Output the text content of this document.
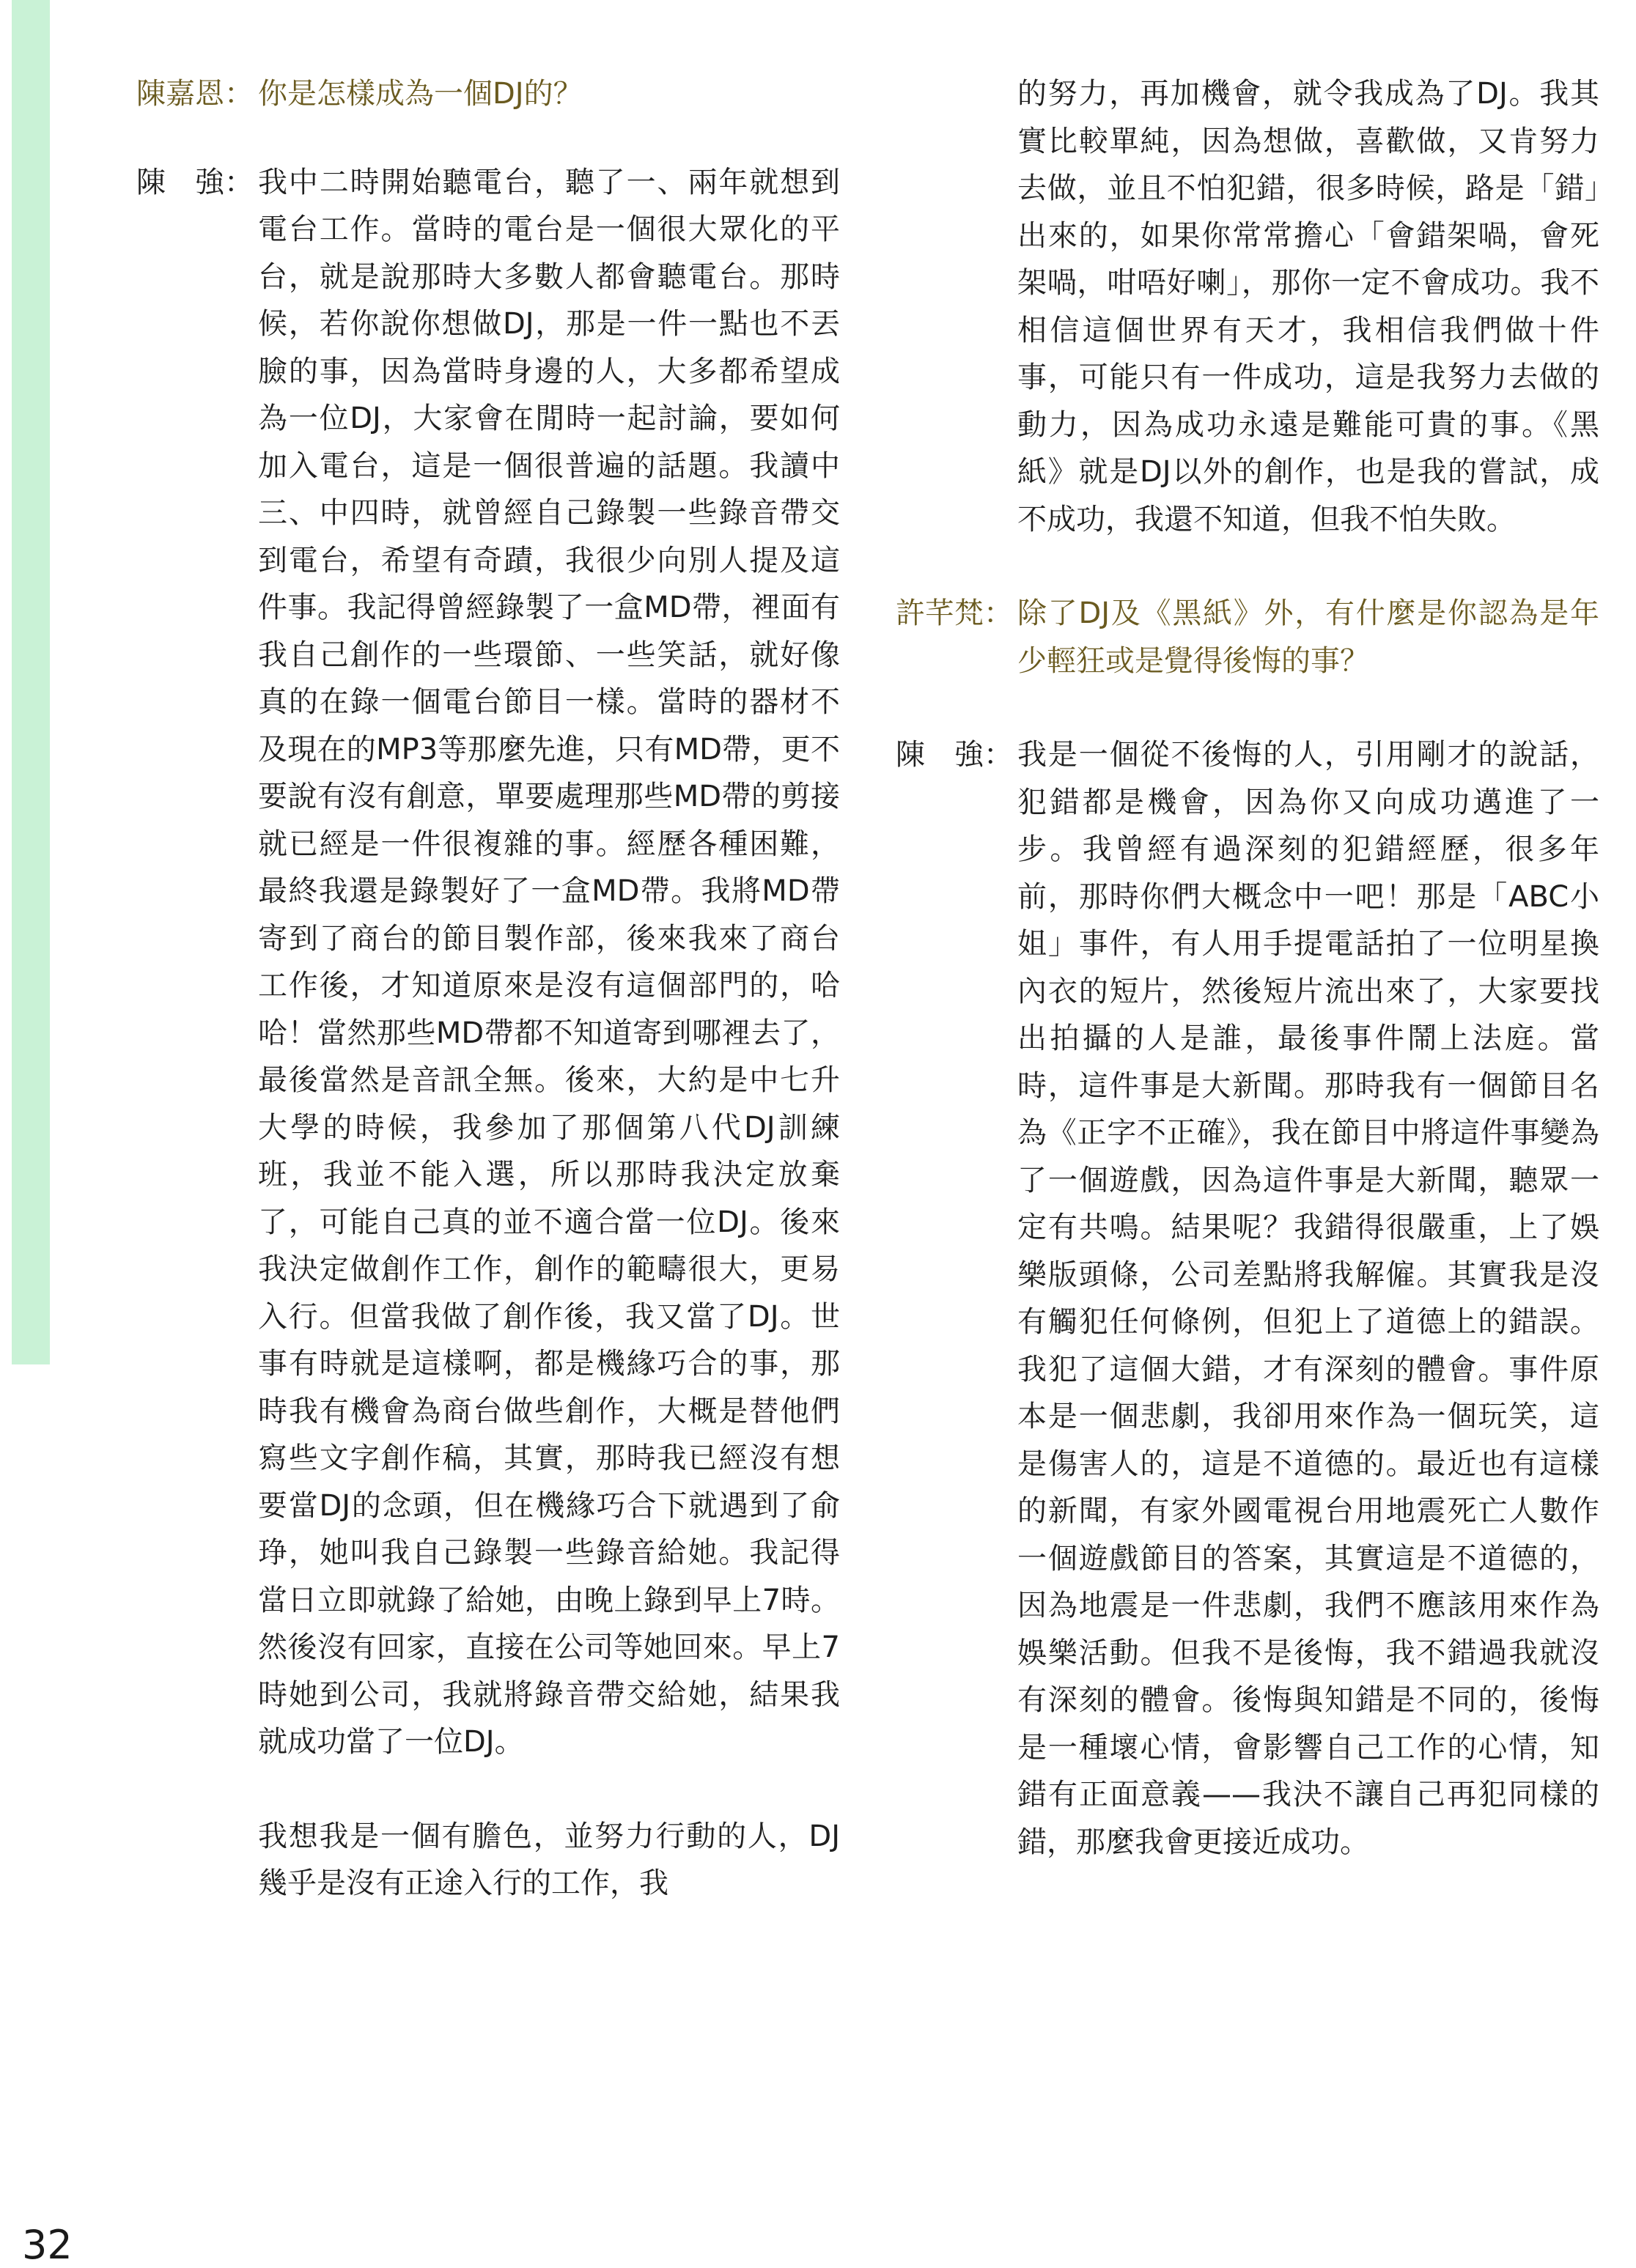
陳嘉恩： 你是怎樣成為一個DJ的？
陳　強： 我中二時開始聽電台，聽了一、兩年就想到電台工作。當時的電台是一個很大眾化的平台，就是說那時大多數人都會聽電台。那時候，若你說你想做DJ，那是一件一點也不丟臉的事，因為當時身邊的人，大多都希望成為一位DJ，大家會在閒時一起討論，要如何加入電台，這是一個很普遍的話題。我讀中三、中四時，就曾經自己錄製一些錄音帶交到電台，希望有奇蹟，我很少向別人提及這件事。我記得曾經錄製了一盒MD帶，裡面有我自己創作的一些環節、一些笑話，就好像真的在錄一個電台節目一樣。當時的器材不及現在的MP3等那麼先進，只有MD帶，更不要說有沒有創意，單要處理那些MD帶的剪接就已經是一件很複雜的事。經歷各種困難，最終我還是錄製好了一盒MD帶。我將MD帶寄到了商台的節目製作部，後來我來了商台工作後，才知道原來是沒有這個部門的，哈哈！當然那些MD帶都不知道寄到哪裡去了，最後當然是音訊全無。後來，大約是中七升大學的時候，我參加了那個第八代DJ訓練班，我並不能入選，所以那時我決定放棄了，可能自己真的並不適合當一位DJ。後來我決定做創作工作，創作的範疇很大，更易入行。但當我做了創作後，我又當了DJ。世事有時就是這樣啊，都是機緣巧合的事，那時我有機會為商台做些創作，大概是替他們寫些文字創作稿，其實，那時我已經沒有想要當DJ的念頭，但在機緣巧合下就遇到了俞琤，她叫我自己錄製一些錄音給她。我記得當日立即就錄了給她，由晚上錄到早上7時。然後沒有回家，直接在公司等她回來。早上7時她到公司，我就將錄音帶交給她，結果我就成功當了一位DJ。
我想我是一個有膽色，並努力行動的人，DJ幾乎是沒有正途入行的工作，我
的努力，再加機會，就令我成為了DJ。我其實比較單純，因為想做，喜歡做，又肯努力去做，並且不怕犯錯，很多時候，路是「錯」出來的，如果你常常擔心「會錯架喎，會死架喎，咁唔好喇」，那你一定不會成功。我不相信這個世界有天才，我相信我們做十件事，可能只有一件成功，這是我努力去做的動力，因為成功永遠是難能可貴的事。《黑紙》就是DJ以外的創作，也是我的嘗試，成不成功，我還不知道，但我不怕失敗。
許芊梵： 除了DJ及《黑紙》外，有什麼是你認為是年少輕狂或是覺得後悔的事？
陳　強： 我是一個從不後悔的人，引用剛才的說話，犯錯都是機會，因為你又向成功邁進了一步。我曾經有過深刻的犯錯經歷，很多年前，那時你們大概念中一吧！那是「ABC小姐」事件，有人用手提電話拍了一位明星換內衣的短片，然後短片流出來了，大家要找出拍攝的人是誰，最後事件鬧上法庭。當時，這件事是大新聞。那時我有一個節目名為《正字不正確》，我在節目中將這件事變為了一個遊戲，因為這件事是大新聞，聽眾一定有共鳴。結果呢？我錯得很嚴重，上了娛樂版頭條，公司差點將我解僱。其實我是沒有觸犯任何條例，但犯上了道德上的錯誤。我犯了這個大錯，才有深刻的體會。事件原本是一個悲劇，我卻用來作為一個玩笑，這是傷害人的，這是不道德的。最近也有這樣的新聞，有家外國電視台用地震死亡人數作一個遊戲節目的答案，其實這是不道德的，因為地震是一件悲劇，我們不應該用來作為娛樂活動。但我不是後悔，我不錯過我就沒有深刻的體會。後悔與知錯是不同的，後悔是一種壞心情，會影響自己工作的心情，知錯有正面意義——我決不讓自己再犯同樣的錯，那麼我會更接近成功。
32
